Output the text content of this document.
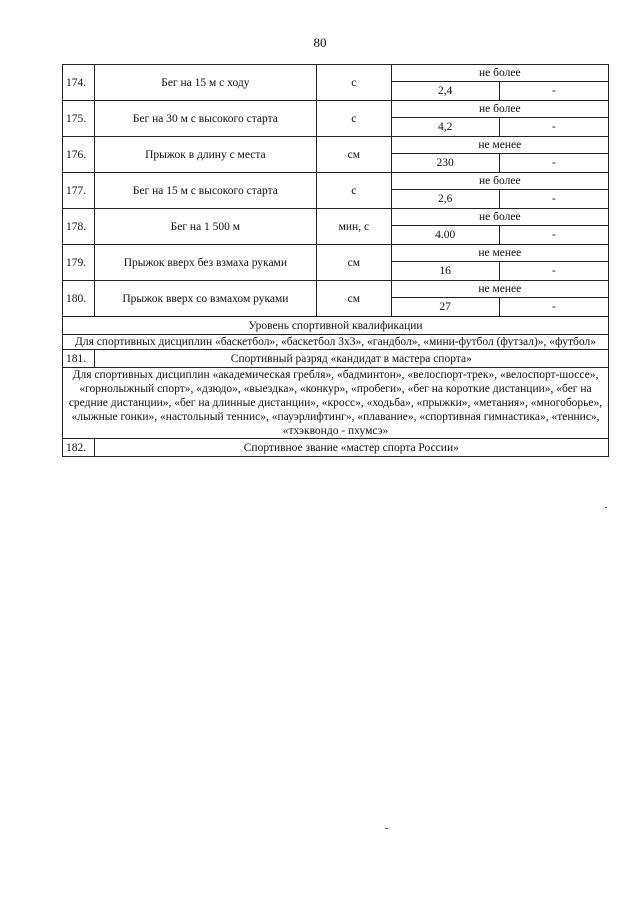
80
174.	Бег на 15 м с ходу	с	не более	
			2,4	-
175.	Бег на 30 м с высокого старта	с	не более	
			4,2	-
176.	Прыжок в длину с места	см	не менее	
			230	-
177.	Бег на 15 м с высокого старта	с	не более	
			2,6	-
178.	Бег на 1 500 м	мин, с	не более	
			4.00	-
179.	Прыжок вверх без взмаха руками	см	не менее	
			16	-
180.	Прыжок вверх со взмахом руками	см	не менее	
			27	-
Уровень спортивной квалификации				
Для спортивных дисциплин «баскетбол», «баскетбол 3х3», «гандбол», «мини-футбол (футзал)», «футбол»				
181.	Спортивный разряд «кандидат в мастера спорта»			
Для спортивных дисциплин «академическая гребля», «бадминтон», «велоспорт-трек», «велоспорт-шоссе», «горнолыжный спорт», «дзюдо», «выездка», «конкур», «пробеги», «бег на короткие дистанции», «бег на средние дистанции», «бег на длинные дистанции», «кросс», «ходьба», «прыжки», «метания», «многоборье», «лыжные гонки», «настольный теннис», «пауэрлифтинг», «плавание», «спортивная гимнастика», «теннис», «тхэквондо - пхумсэ»				
182.	Спортивное звание «мастер спорта России»			
